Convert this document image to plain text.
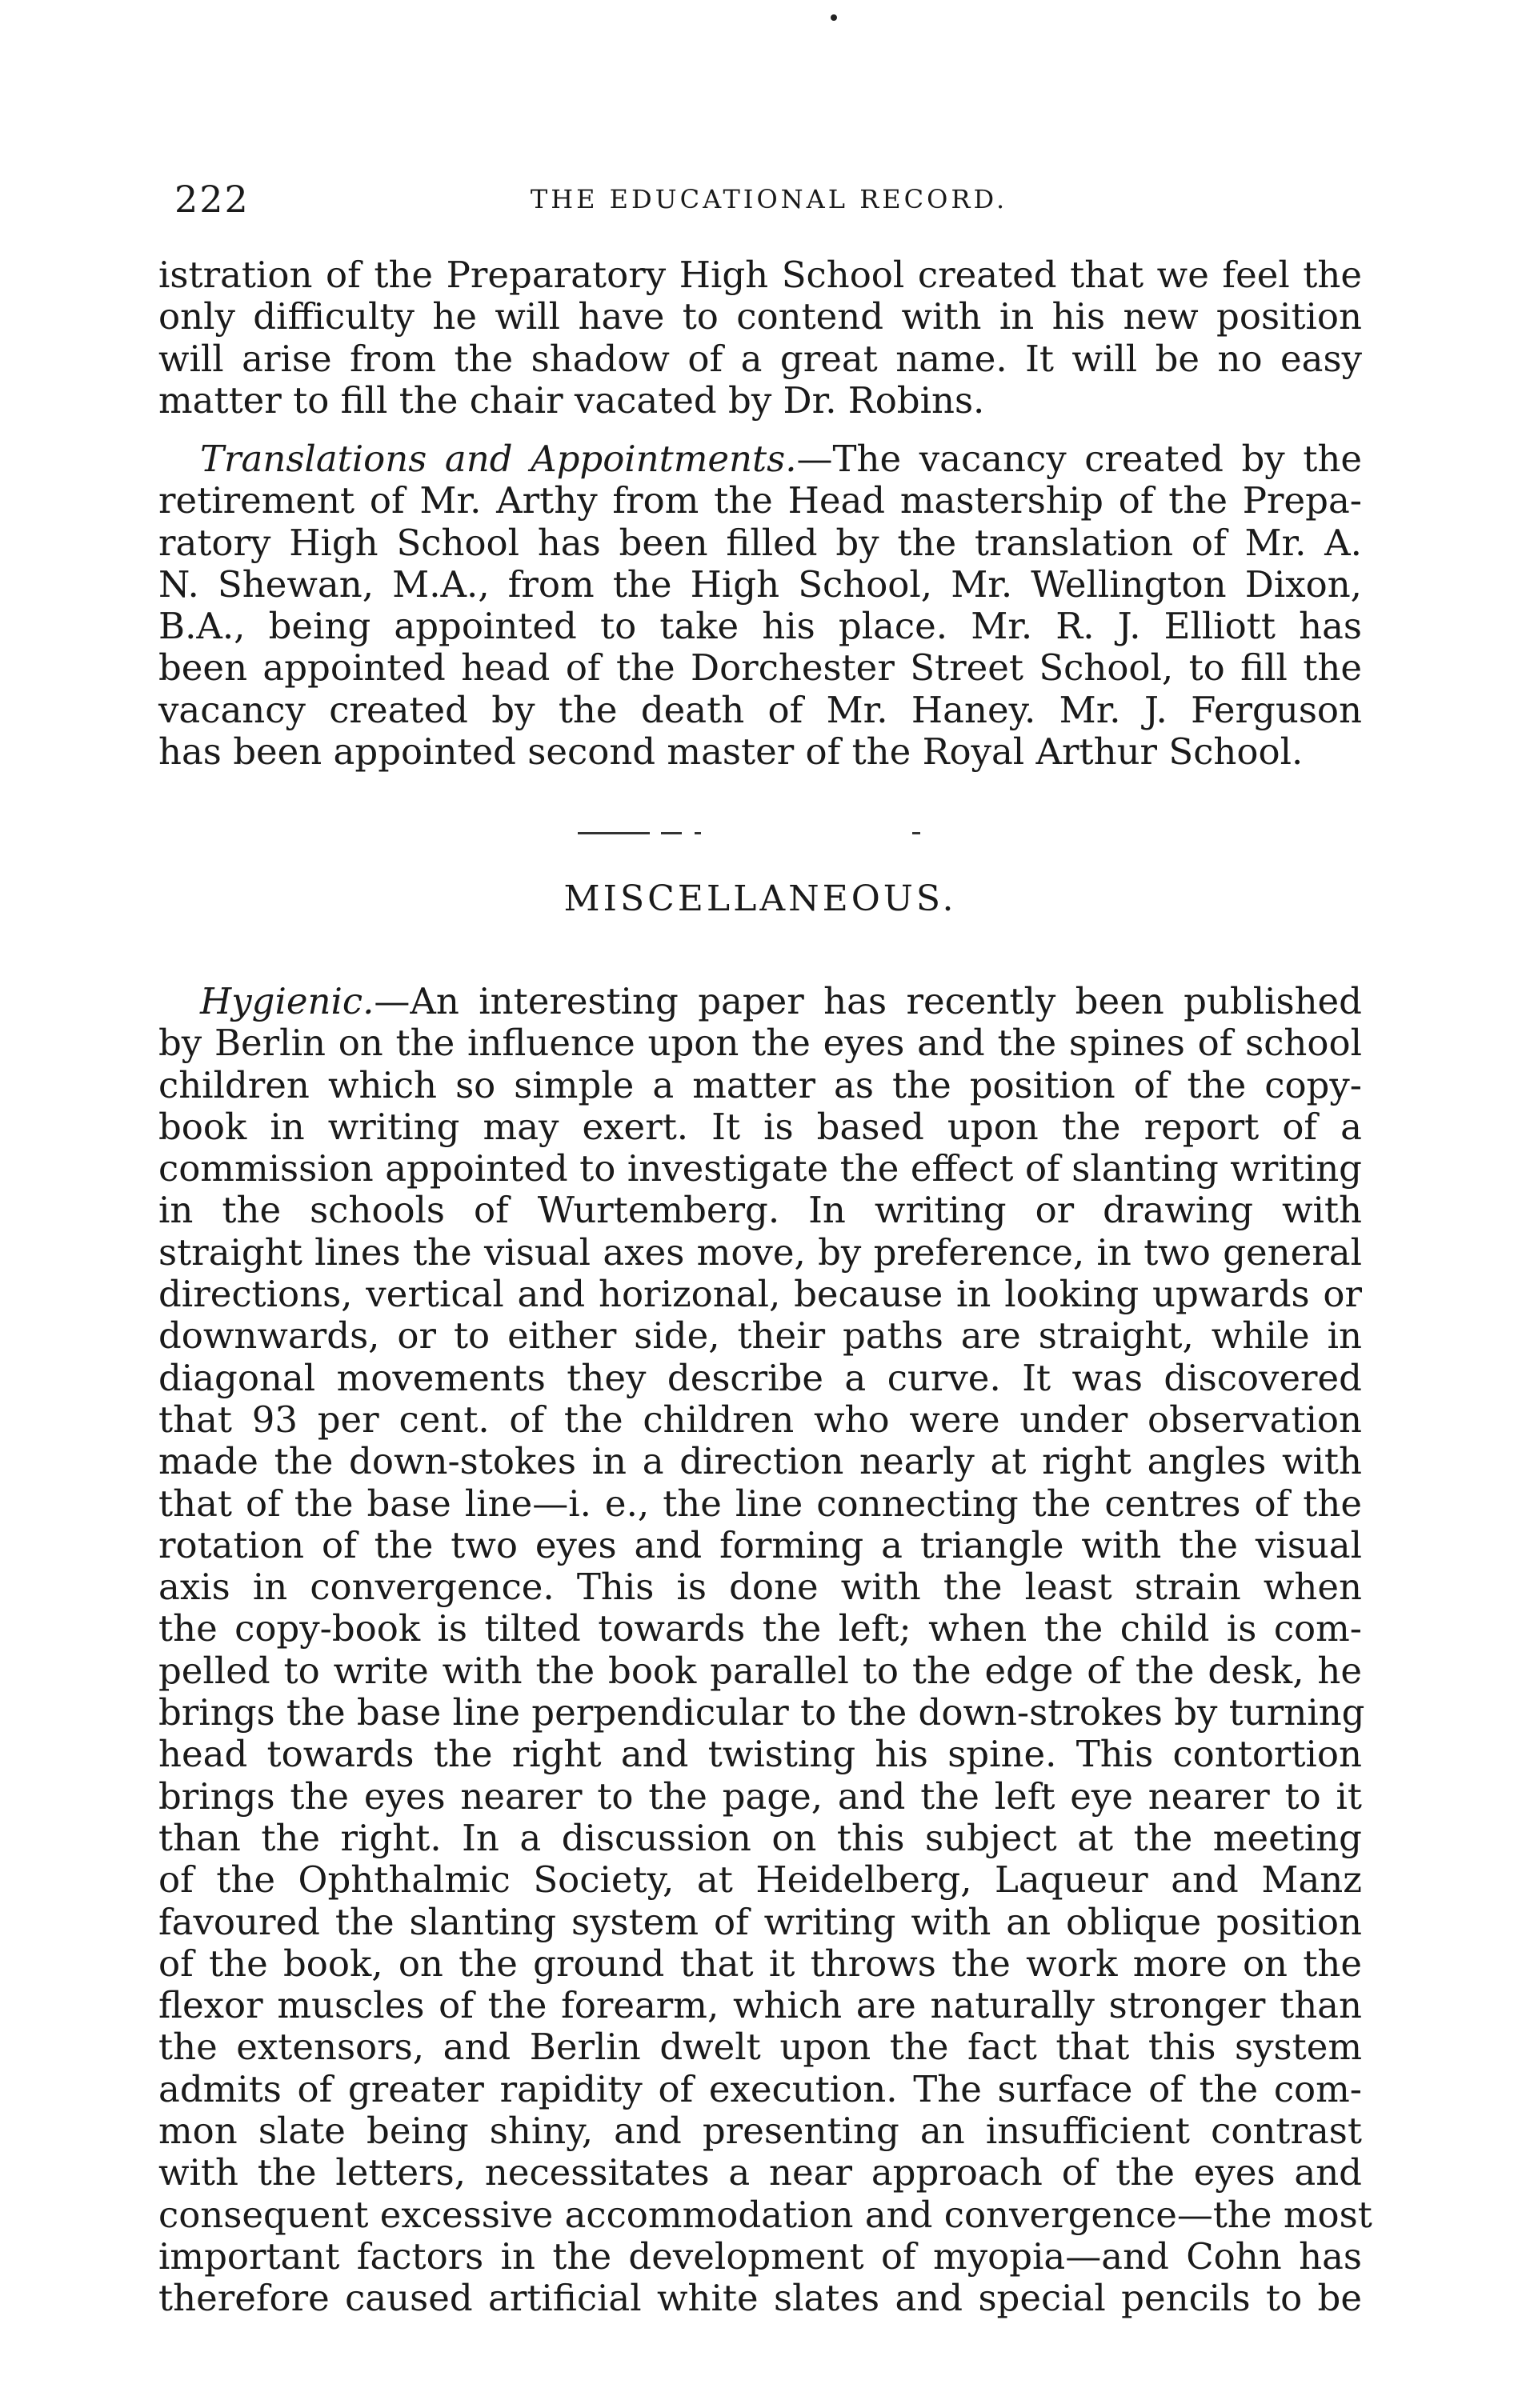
222	THE EDUCATIONAL RECORD.
istration of the Preparatory High School created that we feel the
only difficulty he will have to contend with in his new position
will arise from the shadow of a great name. It will be no easy
matter to fill the chair vacated by Dr. Robins.
Translations and Appointments.—The vacancy created by the
retirement of Mr. Arthy from the Head mastership of the Prepa-
ratory High School has been filled by the translation of Mr. A.
N. Shewan, M.A., from the High School, Mr. Wellington Dixon,
B.A., being appointed to take his place. Mr. R. J. Elliott has
been appointed head of the Dorchester Street School, to fill the
vacancy created by the death of Mr. Haney. Mr. J. Ferguson
has been appointed second master of the Royal Arthur School.
MISCELLANEOUS.
Hygienic.—An interesting paper has recently been published
by Berlin on the influence upon the eyes and the spines of school
children which so simple a matter as the position of the copy-
book in writing may exert. It is based upon the report of a
commission appointed to investigate the effect of slanting writing
in the schools of Wurtemberg. In writing or drawing with
straight lines the visual axes move, by preference, in two general
directions, vertical and horizonal, because in looking upwards or
downwards, or to either side, their paths are straight, while in
diagonal movements they describe a curve. It was discovered
that 93 per cent. of the children who were under observation
made the down-stokes in a direction nearly at right angles with
that of the base line—i. e., the line connecting the centres of the
rotation of the two eyes and forming a triangle with the visual
axis in convergence. This is done with the least strain when
the copy-book is tilted towards the left; when the child is com-
pelled to write with the book parallel to the edge of the desk, he
brings the base line perpendicular to the down-strokes by turning
head towards the right and twisting his spine. This contortion
brings the eyes nearer to the page, and the left eye nearer to it
than the right. In a discussion on this subject at the meeting
of the Ophthalmic Society, at Heidelberg, Laqueur and Manz
favoured the slanting system of writing with an oblique position
of the book, on the ground that it throws the work more on the
flexor muscles of the forearm, which are naturally stronger than
the extensors, and Berlin dwelt upon the fact that this system
admits of greater rapidity of execution. The surface of the com-
mon slate being shiny, and presenting an insufficient contrast
with the letters, necessitates a near approach of the eyes and
consequent excessive accommodation and convergence—the most
important factors in the development of myopia—and Cohn has
therefore caused artificial white slates and special pencils to be
